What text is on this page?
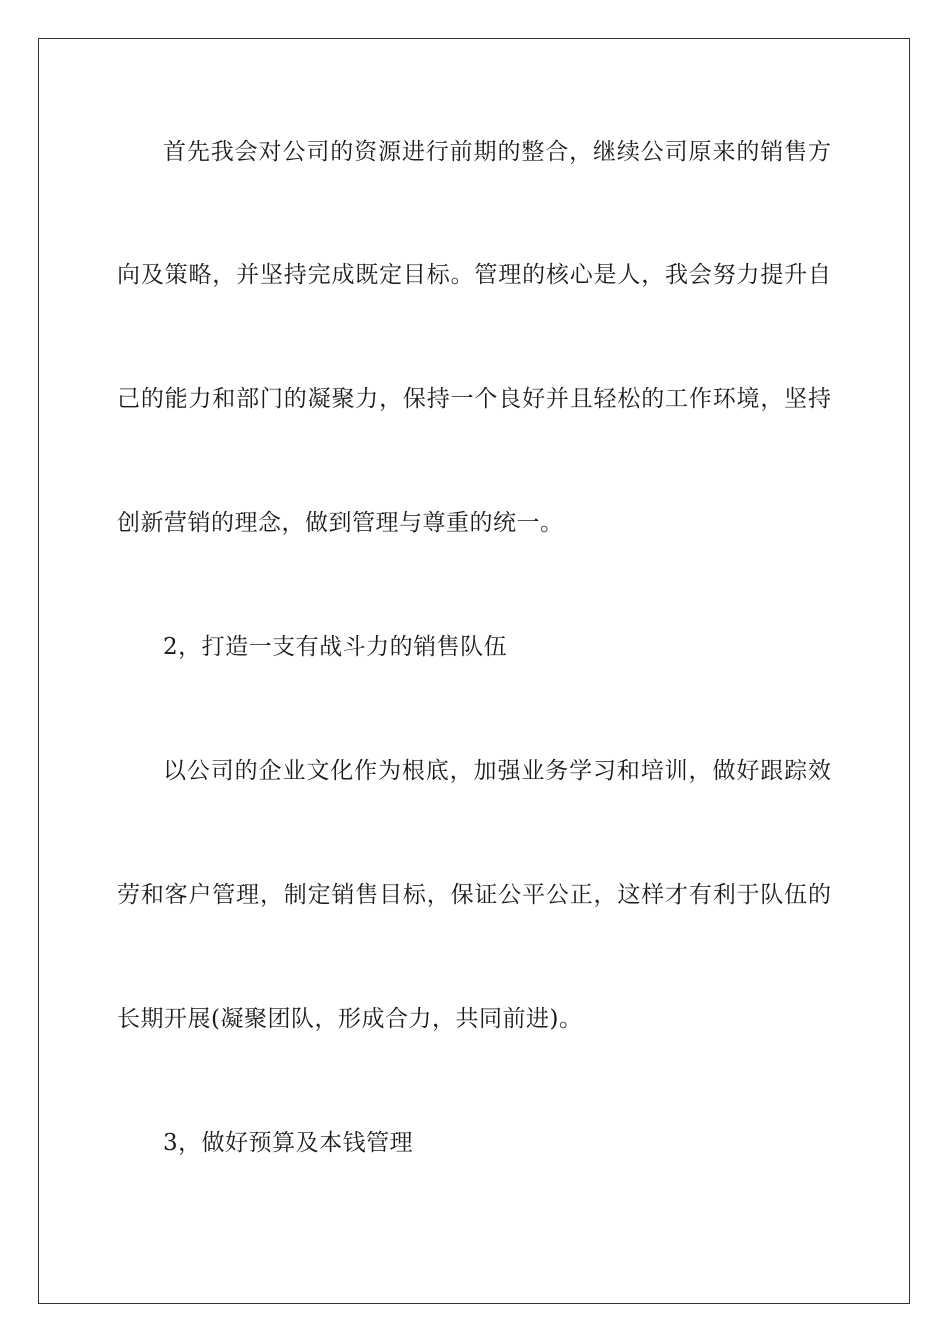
首先我会对公司的资源进行前期的整合，继续公司原来的销售方
向及策略，并坚持完成既定目标。管理的核心是人，我会努力提升自
己的能力和部门的凝聚力，保持一个良好并且轻松的工作环境，坚持
创新营销的理念，做到管理与尊重的统一。
2，打造一支有战斗力的销售队伍
以公司的企业文化作为根底，加强业务学习和培训，做好跟踪效
劳和客户管理，制定销售目标，保证公平公正，这样才有利于队伍的
长期开展(凝聚团队，形成合力，共同前进)。
3，做好预算及本钱管理
